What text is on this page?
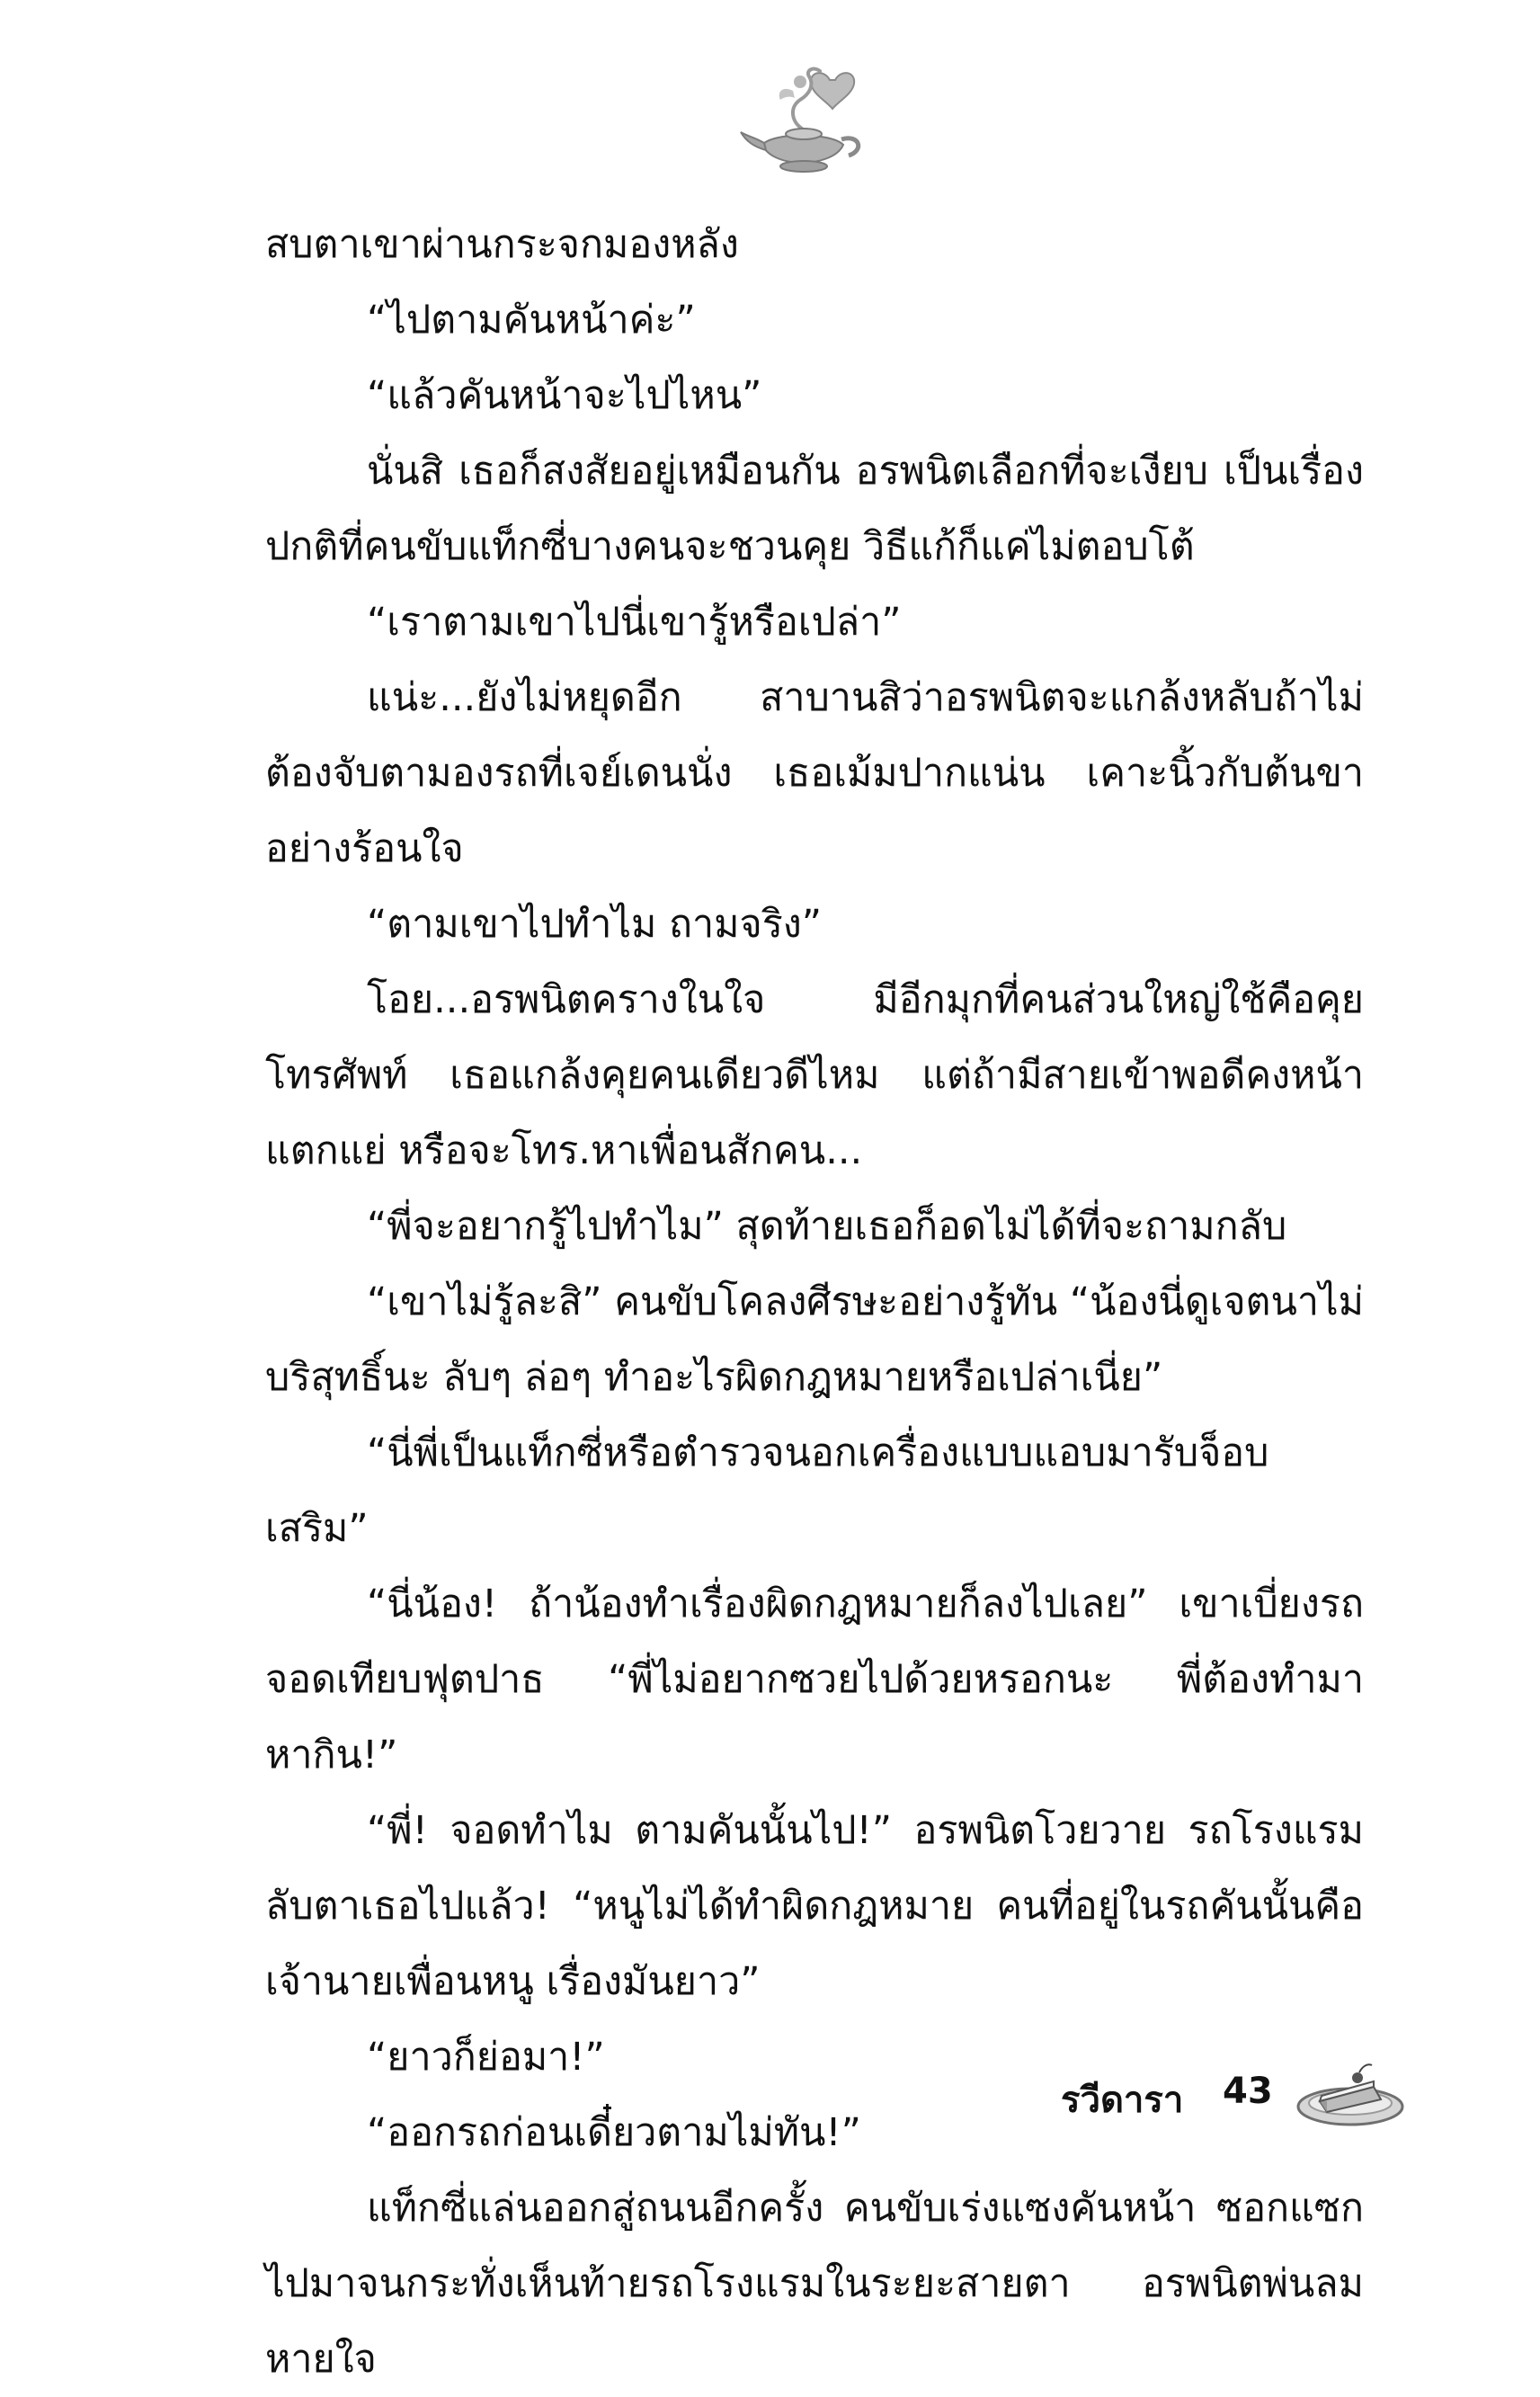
สบตาเขาผ่านกระจกมองหลัง

“ไปตามคันหน้าค่ะ”

“แล้วคันหน้าจะไปไหน”

นั่นสิ เธอก็สงสัยอยู่เหมือนกัน อรพนิตเลือกที่จะเงียบ เป็นเรื่องปกติที่คนขับแท็กซี่บางคนจะชวนคุย วิธีแก้ก็แค่ไม่ตอบโต้

“เราตามเขาไปนี่เขารู้หรือเปล่า”

แน่ะ...ยังไม่หยุดอีก สาบานสิว่าอรพนิตจะแกล้งหลับถ้าไม่ต้องจับตามองรถที่เจย์เดนนั่ง เธอเม้มปากแน่น เคาะนิ้วกับต้นขาอย่างร้อนใจ

“ตามเขาไปทำไม ถามจริง”

โอย...อรพนิตครางในใจ มีอีกมุกที่คนส่วนใหญ่ใช้คือคุยโทรศัพท์ เธอแกล้งคุยคนเดียวดีไหม แต่ถ้ามีสายเข้าพอดีคงหน้าแตกแย่ หรือจะโทร.หาเพื่อนสักคน...

“พี่จะอยากรู้ไปทำไม” สุดท้ายเธอก็อดไม่ได้ที่จะถามกลับ

“เขาไม่รู้ละสิ” คนขับโคลงศีรษะอย่างรู้ทัน “น้องนี่ดูเจตนาไม่บริสุทธิ์นะ ลับๆ ล่อๆ ทำอะไรผิดกฎหมายหรือเปล่าเนี่ย”

“นี่พี่เป็นแท็กซี่หรือตำรวจนอกเครื่องแบบแอบมารับจ็อบเสริม”

“นี่น้อง! ถ้าน้องทำเรื่องผิดกฎหมายก็ลงไปเลย” เขาเบี่ยงรถจอดเทียบฟุตปาธ “พี่ไม่อยากซวยไปด้วยหรอกนะ พี่ต้องทำมาหากิน!”

“พี่! จอดทำไม ตามคันนั้นไป!” อรพนิตโวยวาย รถโรงแรมลับตาเธอไปแล้ว! “หนูไม่ได้ทำผิดกฎหมาย คนที่อยู่ในรถคันนั้นคือเจ้านายเพื่อนหนู เรื่องมันยาว”

“ยาวก็ย่อมา!”

“ออกรถก่อนเดี๋ยวตามไม่ทัน!”

แท็กซี่แล่นออกสู่ถนนอีกครั้ง คนขับเร่งแซงคันหน้า ซอกแซกไปมาจนกระทั่งเห็นท้ายรถโรงแรมในระยะสายตา อรพนิตพ่นลมหายใจ

รวีดารา 43
